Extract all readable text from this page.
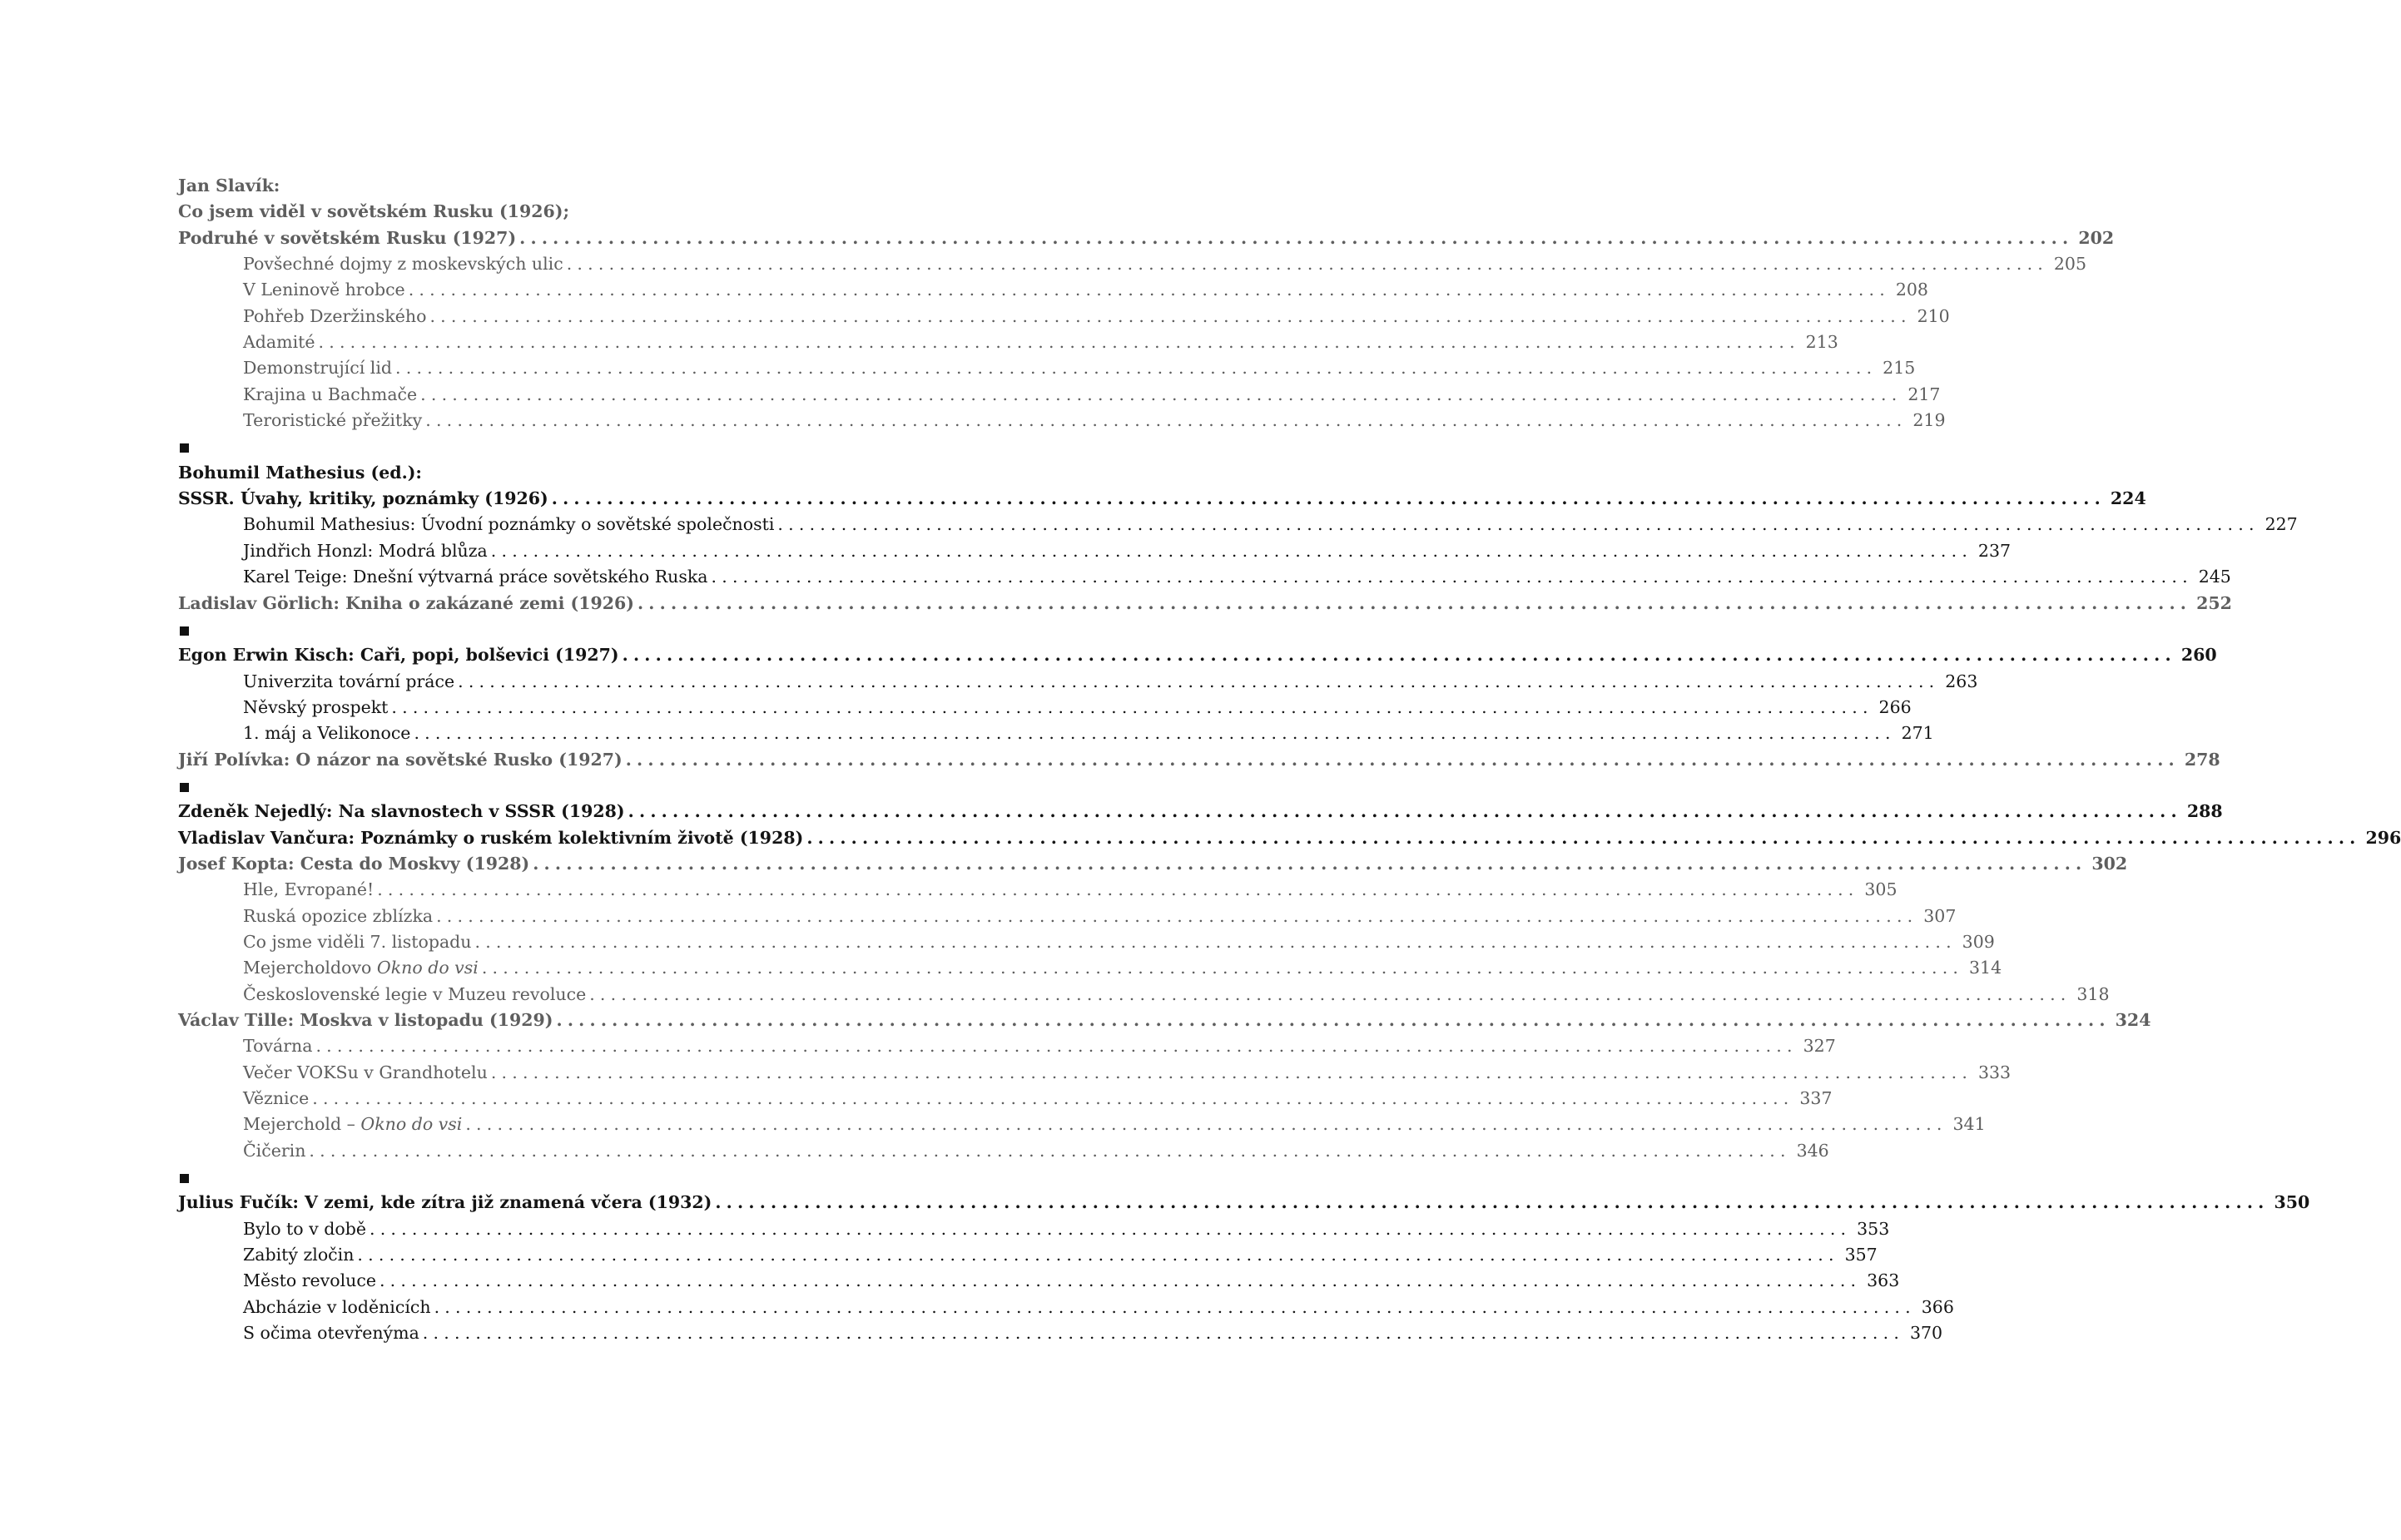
Jan Slavík:
Co jsem viděl v sovětském Rusku (1926);
Podruhé v sovětském Rusku (1927) ............................................................................................................................................ 202
Povšechné dojmy z moskevských ulic ............................................................................................................................................ 205
V Leninově hrobce ............................................................................................................................................ 208
Pohřeb Dzeržinského ............................................................................................................................................ 210
Adamité ............................................................................................................................................ 213
Demonstrující lid ............................................................................................................................................ 215
Krajina u Bachmače ............................................................................................................................................ 217
Teroristické přežitky ............................................................................................................................................ 219
Bohumil Mathesius (ed.):
SSSR. Úvahy, kritiky, poznámky (1926) ............................................................................................................................................ 224
Bohumil Mathesius: Úvodní poznámky o sovětské společnosti ............................................................................................................................................ 227
Jindřich Honzl: Modrá blůza ............................................................................................................................................ 237
Karel Teige: Dnešní výtvarná práce sovětského Ruska ............................................................................................................................................ 245
Ladislav Görlich: Kniha o zakázané zemi (1926) ............................................................................................................................................ 252
Egon Erwin Kisch: Caři, popi, bolševici (1927) ............................................................................................................................................ 260
Univerzita tovární práce ............................................................................................................................................ 263
Něvský prospekt ............................................................................................................................................ 266
1. máj a Velikonoce ............................................................................................................................................ 271
Jiří Polívka: O názor na sovětské Rusko (1927) ............................................................................................................................................ 278
Zdeněk Nejedlý: Na slavnostech v SSSR (1928) ............................................................................................................................................ 288
Vladislav Vančura: Poznámky o ruském kolektivním životě (1928) ............................................................................................................................................ 296
Josef Kopta: Cesta do Moskvy (1928) ............................................................................................................................................ 302
Hle, Evropané! ............................................................................................................................................ 305
Ruská opozice zblízka ............................................................................................................................................ 307
Co jsme viděli 7. listopadu ............................................................................................................................................ 309
Mejercholdovo Okno do vsi ............................................................................................................................................ 314
Československé legie v Muzeu revoluce ............................................................................................................................................ 318
Václav Tille: Moskva v listopadu (1929) ............................................................................................................................................ 324
Továrna ............................................................................................................................................ 327
Večer VOKSu v Grandhotelu ............................................................................................................................................ 333
Věznice ............................................................................................................................................ 337
Mejerchold – Okno do vsi ............................................................................................................................................ 341
Čičerin ............................................................................................................................................ 346
Julius Fučík: V zemi, kde zítra již znamená včera (1932) ............................................................................................................................................ 350
Bylo to v době ............................................................................................................................................ 353
Zabitý zločin ............................................................................................................................................ 357
Město revoluce ............................................................................................................................................ 363
Abcházie v loděnicích ............................................................................................................................................ 366
S očima otevřenýma ............................................................................................................................................ 370
